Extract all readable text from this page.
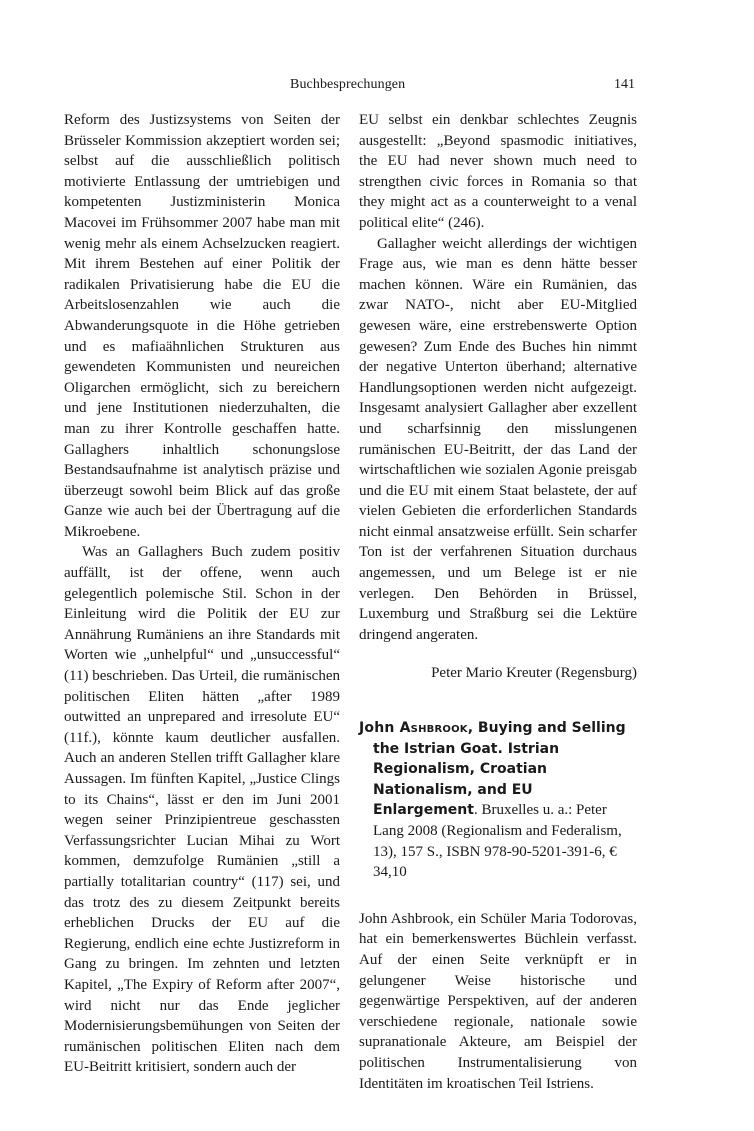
Buchbesprechungen	141

Reform des Justizsystems von Seiten der Brüsseler Kommission akzeptiert worden sei; selbst auf die ausschließlich politisch motivierte Entlassung der umtriebigen und kompetenten Justizministerin Monica Macovei im Frühsommer 2007 habe man mit wenig mehr als einem Achselzucken reagiert. Mit ihrem Bestehen auf einer Politik der radikalen Privatisierung habe die EU die Arbeitslosenzahlen wie auch die Abwanderungsquote in die Höhe getrieben und es mafiaähnlichen Strukturen aus gewendeten Kommunisten und neureichen Oligarchen ermöglicht, sich zu bereichern und jene Institutionen niederzuhalten, die man zu ihrer Kontrolle geschaffen hatte. Gallaghers inhaltlich schonungslose Bestandsaufnahme ist analytisch präzise und überzeugt sowohl beim Blick auf das große Ganze wie auch bei der Übertragung auf die Mikroebene.

Was an Gallaghers Buch zudem positiv auffällt, ist der offene, wenn auch gelegentlich polemische Stil. Schon in der Einleitung wird die Politik der EU zur Annährung Rumäniens an ihre Standards mit Worten wie „unhelpful“ und „unsuccessful“ (11) beschrieben. Das Urteil, die rumänischen politischen Eliten hätten „after 1989 outwitted an unprepared and irresolute EU“ (11f.), könnte kaum deutlicher ausfallen. Auch an anderen Stellen trifft Gallagher klare Aussagen. Im fünften Kapitel, „Justice Clings to its Chains“, lässt er den im Juni 2001 wegen seiner Prinzipientreue geschassten Verfassungsrichter Lucian Mihai zu Wort kommen, demzufolge Rumänien „still a partially totalitarian country“ (117) sei, und das trotz des zu diesem Zeitpunkt bereits erheblichen Drucks der EU auf die Regierung, endlich eine echte Justizreform in Gang zu bringen. Im zehnten und letzten Kapitel, „The Expiry of Reform after 2007“, wird nicht nur das Ende jeglicher Modernisierungsbemühungen von Seiten der rumänischen politischen Eliten nach dem EU-Beitritt kritisiert, sondern auch der

EU selbst ein denkbar schlechtes Zeugnis ausgestellt: „Beyond spasmodic initiatives, the EU had never shown much need to strengthen civic forces in Romania so that they might act as a counterweight to a venal political elite“ (246).

Gallagher weicht allerdings der wichtigen Frage aus, wie man es denn hätte besser machen können. Wäre ein Rumänien, das zwar NATO-, nicht aber EU-Mitglied gewesen wäre, eine erstrebenswerte Option gewesen? Zum Ende des Buches hin nimmt der negative Unterton überhand; alternative Handlungsoptionen werden nicht aufgezeigt. Insgesamt analysiert Gallagher aber exzellent und scharfsinnig den misslungenen rumänischen EU-Beitritt, der das Land der wirtschaftlichen wie sozialen Agonie preisgab und die EU mit einem Staat belastete, der auf vielen Gebieten die erforderlichen Standards nicht einmal ansatzweise erfüllt. Sein scharfer Ton ist der verfahrenen Situation durchaus angemessen, und um Belege ist er nie verlegen. Den Behörden in Brüssel, Luxemburg und Straßburg sei die Lektüre dringend angeraten.

Peter Mario Kreuter (Regensburg)

John Ashbrook, Buying and Selling the Istrian Goat. Istrian Regionalism, Croatian Nationalism, and EU Enlargement. Bruxelles u. a.: Peter Lang 2008 (Regionalism and Federalism, 13), 157 S., ISBN 978-90-5201-391-6, € 34,10

John Ashbrook, ein Schüler Maria Todorovas, hat ein bemerkenswertes Büchlein verfasst. Auf der einen Seite verknüpft er in gelungener Weise historische und gegenwärtige Perspektiven, auf der anderen verschiedene regionale, nationale sowie supranationale Akteure, am Beispiel der politischen Instrumentalisierung von Identitäten im kroatischen Teil Istriens.
